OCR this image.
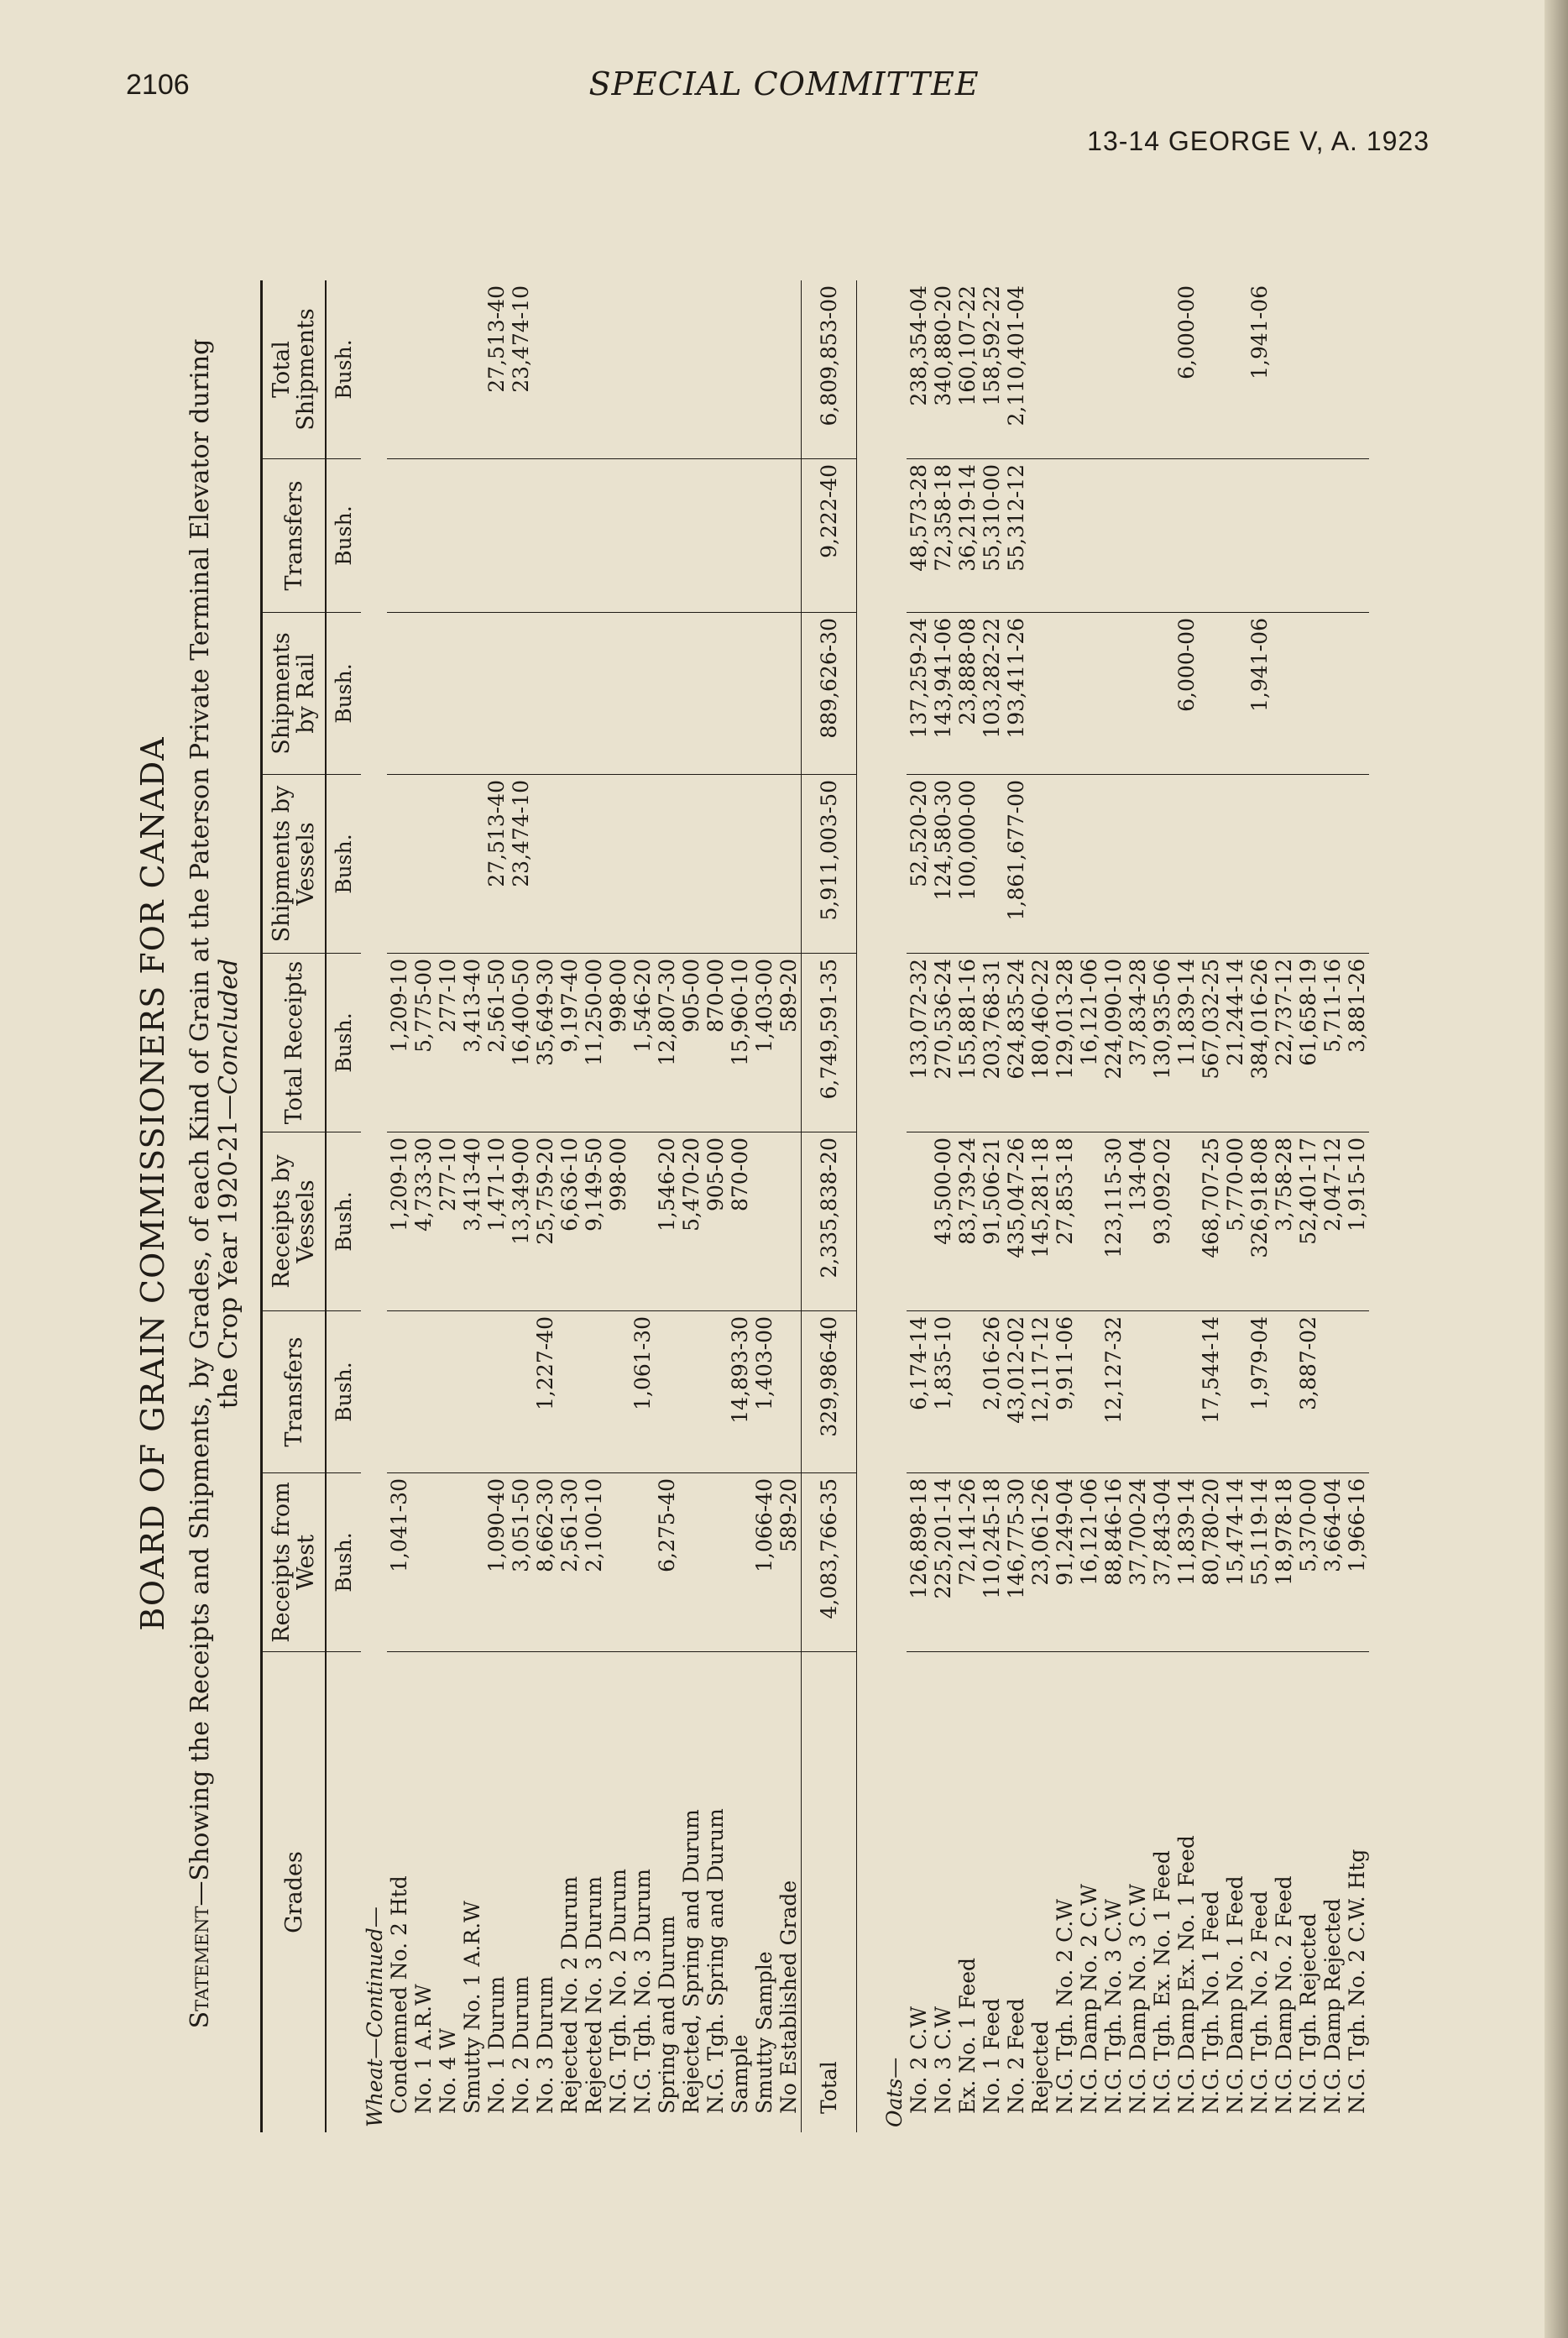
2106	SPECIAL COMMITTEE
13-14 GEORGE V, A. 1923
BOARD OF GRAIN COMMISSIONERS FOR CANADA
Statement—Showing the Receipts and Shipments, by Grades, of each Kind of Grain at the Paterson Private Terminal Elevator during
the Crop Year 1920-21—Concluded
Grades	Receipts from West	Transfers	Receipts by Vessels	Total Receipts	Shipments by Vessels	Shipments by Rail	Transfers	Total Shipments
	Bush.	Bush.	Bush.	Bush.	Bush.	Bush.	Bush.	Bush.
Wheat—Continued—								
Condemned No. 2 Htd	1,041-30		1,209-10	1,209-10				
No. 1 A.R.W			4,733-30	5,775-00				
No. 4 W			277-10	277-10				
Smutty No. 1 A.R.W			3,413-40	3,413-40				
No. 1 Durum	1,090-40		1,471-10	2,561-50	27,513-40			27,513-40
No. 2 Durum	3,051-50		13,349-00	16,400-50	23,474-10			23,474-10
No. 3 Durum	8,662-30	1,227-40	25,759-20	35,649-30				
Rejected No. 2 Durum	2,561-30		6,636-10	9,197-40				
Rejected No. 3 Durum	2,100-10		9,149-50	11,250-00				
N.G. Tgh. No. 2 Durum			998-00	998-00				
N.G. Tgh. No. 3 Durum		1,061-30		1,546-20				
Spring and Durum	6,275-40		1,546-20	12,807-30				
Rejected, Spring and Durum			5,470-20	905-00				
N.G. Tgh. Spring and Durum			905-00	870-00				
Sample		14,893-30	870-00	15,960-10				
Smutty Sample	1,066-40	1,403-00		1,403-00				
No Established Grade	589-20			589-20				
Total	4,083,766-35	329,986-40	2,335,838-20	6,749,591-35	5,911,003-50	889,626-30	9,222-40	6,809,853-00

Oats—								
No. 2 C.W	126,898-18	6,174-14		133,072-32	52,520-20	137,259-24	48,573-28	238,354-04
No. 3 C.W	225,201-14	1,835-10	43,500-00	270,536-24	124,580-30	143,941-06	72,358-18	340,880-20
Ex. No. 1 Feed	72,141-26		83,739-24	155,881-16	100,000-00	23,888-08	36,219-14	160,107-22
No. 1 Feed	110,245-18	2,016-26	91,506-21	203,768-31		103,282-22	55,310-00	158,592-22
No. 2 Feed	146,775-30	43,012-02	435,047-26	624,835-24	1,861,677-00	193,411-26	55,312-12	2,110,401-04
Rejected	23,061-26	12,117-12	145,281-18	180,460-22				
N.G. Tgh. No. 2 C.W	91,249-04	9,911-06	27,853-18	129,013-28				
N.G. Damp No. 2 C.W	16,121-06			16,121-06				
N.G. Tgh. No. 3 C.W	88,846-16	12,127-32	123,115-30	224,090-10				
N.G. Damp No. 3 C.W	37,700-24		134-04	37,834-28				
N.G. Tgh. Ex. No. 1 Feed	37,843-04		93,092-02	130,935-06				
N.G. Damp Ex. No. 1 Feed	11,839-14			11,839-14		6,000-00		6,000-00
N.G. Tgh. No. 1 Feed	80,780-20	17,544-14	468,707-25	567,032-25				
N.G. Damp No. 1 Feed	15,474-14		5,770-00	21,244-14				
N.G. Tgh. No. 2 Feed	55,119-14	1,979-04	326,918-08	384,016-26		1,941-06		1,941-06
N.G. Damp No. 2 Feed	18,978-18		3,758-28	22,737-12				
N.G. Tgh. Rejected	5,370-00	3,887-02	52,401-17	61,658-19				
N.G. Damp Rejected	3,664-04		2,047-12	5,711-16				
N.G. Tgh. No. 2 C.W. Htg	1,966-16		1,915-10	3,881-26				
